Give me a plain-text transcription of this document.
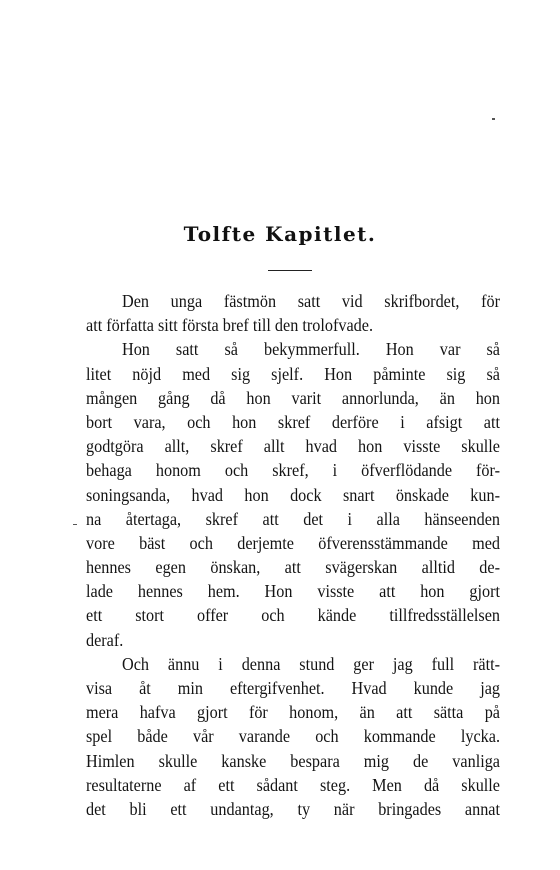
Tolfte Kapitlet.
Den unga fästmön satt vid skrifbordet, för
att författa sitt första bref till den trolofvade.
Hon satt så bekymmerfull. Hon var så
litet nöjd med sig sjelf. Hon påminte sig så
mången gång då hon varit annorlunda, än hon
bort vara, och hon skref derföre i afsigt att
godtgöra allt, skref allt hvad hon visste skulle
behaga honom och skref, i öfverflödande för-
soningsanda, hvad hon dock snart önskade kun-
na återtaga, skref att det i alla hänseenden
vore bäst och derjemte öfverensstämmande med
hennes egen önskan, att svägerskan alltid de-
lade hennes hem. Hon visste att hon gjort
ett stort offer och kände tillfredsställelsen
deraf.
Och ännu i denna stund ger jag full rätt-
visa åt min eftergifvenhet. Hvad kunde jag
mera hafva gjort för honom, än att sätta på
spel både vår varande och kommande lycka.
Himlen skulle kanske bespara mig de vanliga
resultaterne af ett sådant steg. Men då skulle
det bli ett undantag, ty när bringades annat
